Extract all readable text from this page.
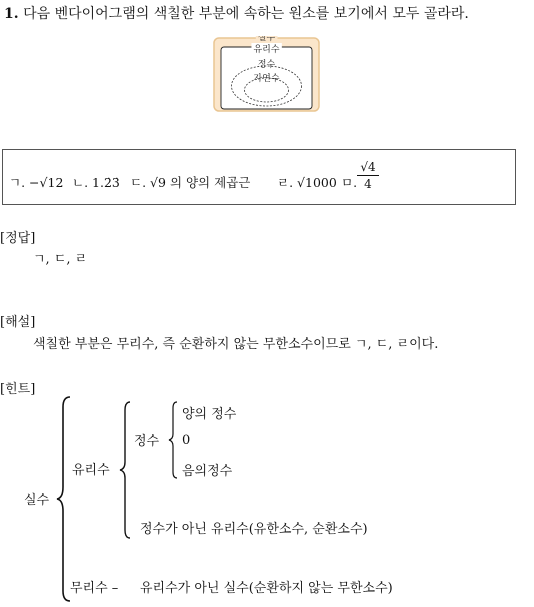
1. 다음 벤다이어그램의 색칠한 부분에 속하는 원소를 보기에서 모두 골라라.
실수
유리수
정수
자연수
ㄱ. −√12 ㄴ. 1.2̇3̇ ㄷ. √9 의 양의 제곱근 ㄹ. √1000 ㅁ.
√4
4
[정답]
ㄱ, ㄷ, ㄹ
[해설]
색칠한 부분은 무리수, 즉 순환하지 않는 무한소수이므로 ㄱ, ㄷ, ㄹ이다.
[힌트]
실수
유리수
정수
양의 정수
0
음의정수
정수가 아닌 유리수(유한소수, 순환소수)
무리수 – 유리수가 아닌 실수(순환하지 않는 무한소수)
